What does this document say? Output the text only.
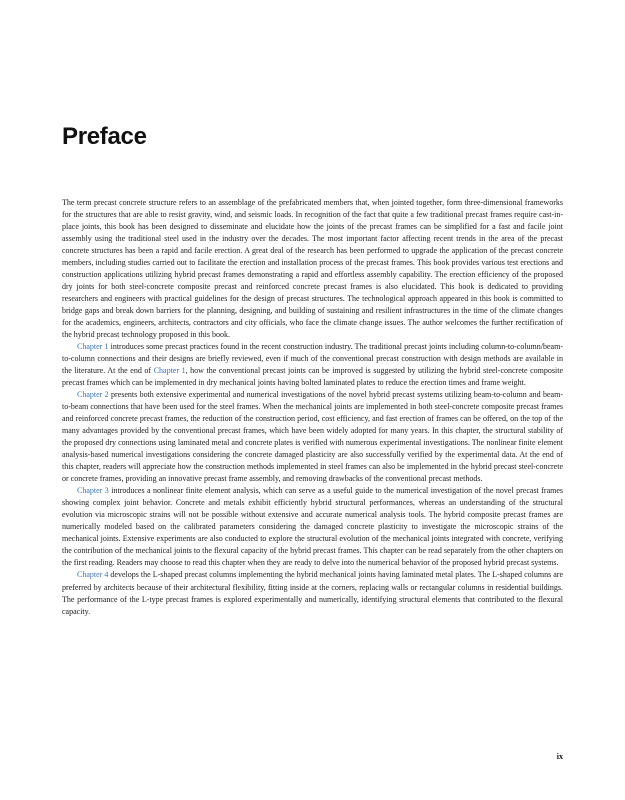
Preface

The term precast concrete structure refers to an assemblage of the prefabricated members that, when jointed together, form three-dimensional frameworks for the structures that are able to resist gravity, wind, and seismic loads. In recognition of the fact that quite a few traditional precast frames require cast-in-place joints, this book has been designed to disseminate and elucidate how the joints of the precast frames can be simplified for a fast and facile joint assembly using the traditional steel used in the industry over the decades. The most important factor affecting recent trends in the area of the precast concrete structures has been a rapid and facile erection. A great deal of the research has been performed to upgrade the application of the precast concrete members, including studies carried out to facilitate the erection and installation process of the precast frames. This book provides various test erections and construction applications utilizing hybrid precast frames demonstrating a rapid and effortless assembly capability. The erection efficiency of the proposed dry joints for both steel-concrete composite precast and reinforced concrete precast frames is also elucidated. This book is dedicated to providing researchers and engineers with practical guidelines for the design of precast structures. The technological approach appeared in this book is committed to bridge gaps and break down barriers for the planning, designing, and building of sustaining and resilient infrastructures in the time of the climate changes for the academics, engineers, architects, contractors and city officials, who face the climate change issues. The author welcomes the further rectification of the hybrid precast technology proposed in this book.

Chapter 1 introduces some precast practices found in the recent construction industry. The traditional precast joints including column-to-column/beam-to-column connections and their designs are briefly reviewed, even if much of the conventional precast construction with design methods are available in the literature. At the end of Chapter 1, how the conventional precast joints can be improved is suggested by utilizing the hybrid steel-concrete composite precast frames which can be implemented in dry mechanical joints having bolted laminated plates to reduce the erection times and frame weight.

Chapter 2 presents both extensive experimental and numerical investigations of the novel hybrid precast systems utilizing beam-to-column and beam-to-beam connections that have been used for the steel frames. When the mechanical joints are implemented in both steel-concrete composite precast frames and reinforced concrete precast frames, the reduction of the construction period, cost efficiency, and fast erection of frames can be offered, on the top of the many advantages provided by the conventional precast frames, which have been widely adopted for many years. In this chapter, the structural stability of the proposed dry connections using laminated metal and concrete plates is verified with numerous experimental investigations. The nonlinear finite element analysis-based numerical investigations considering the concrete damaged plasticity are also successfully verified by the experimental data. At the end of this chapter, readers will appreciate how the construction methods implemented in steel frames can also be implemented in the hybrid precast steel-concrete or concrete frames, providing an innovative precast frame assembly, and removing drawbacks of the conventional precast methods.

Chapter 3 introduces a nonlinear finite element analysis, which can serve as a useful guide to the numerical investigation of the novel precast frames showing complex joint behavior. Concrete and metals exhibit efficiently hybrid structural performances, whereas an understanding of the structural evolution via microscopic strains will not be possible without extensive and accurate numerical analysis tools. The hybrid composite precast frames are numerically modeled based on the calibrated parameters considering the damaged concrete plasticity to investigate the microscopic strains of the mechanical joints. Extensive experiments are also conducted to explore the structural evolution of the mechanical joints integrated with concrete, verifying the contribution of the mechanical joints to the flexural capacity of the hybrid precast frames. This chapter can be read separately from the other chapters on the first reading. Readers may choose to read this chapter when they are ready to delve into the numerical behavior of the proposed hybrid precast systems.

Chapter 4 develops the L-shaped precast columns implementing the hybrid mechanical joints having laminated metal plates. The L-shaped columns are preferred by architects because of their architectural flexibility, fitting inside at the corners, replacing walls or rectangular columns in residential buildings. The performance of the L-type precast frames is explored experimentally and numerically, identifying structural elements that contributed to the flexural capacity.

ix
